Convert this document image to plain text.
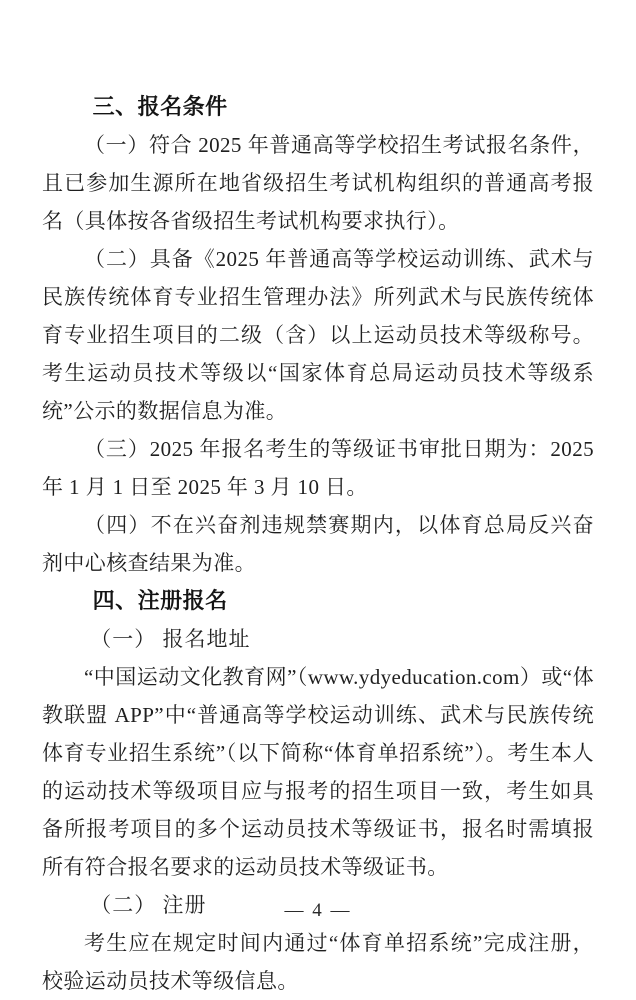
三、报名条件

（一）符合 2025 年普通高等学校招生考试报名条件，且已参加生源所在地省级招生考试机构组织的普通高考报名（具体按各省级招生考试机构要求执行）。

（二）具备《2025 年普通高等学校运动训练、武术与民族传统体育专业招生管理办法》所列武术与民族传统体育专业招生项目的二级（含）以上运动员技术等级称号。考生运动员技术等级以“国家体育总局运动员技术等级系统”公示的数据信息为准。

（三）2025 年报名考生的等级证书审批日期为：2025 年 1 月 1 日至 2025 年 3 月 10 日。

（四）不在兴奋剂违规禁赛期内，以体育总局反兴奋剂中心核查结果为准。

四、注册报名

（一） 报名地址

“中国运动文化教育网”（www.ydyeducation.com）或“体教联盟 APP”中“普通高等学校运动训练、武术与民族传统体育专业招生系统”（以下简称“体育单招系统”）。考生本人的运动技术等级项目应与报考的招生项目一致，考生如具备所报考项目的多个运动员技术等级证书，报名时需填报所有符合报名要求的运动员技术等级证书。

（二） 注册

考生应在规定时间内通过“体育单招系统”完成注册，校验运动员技术等级信息。

— 4 —
